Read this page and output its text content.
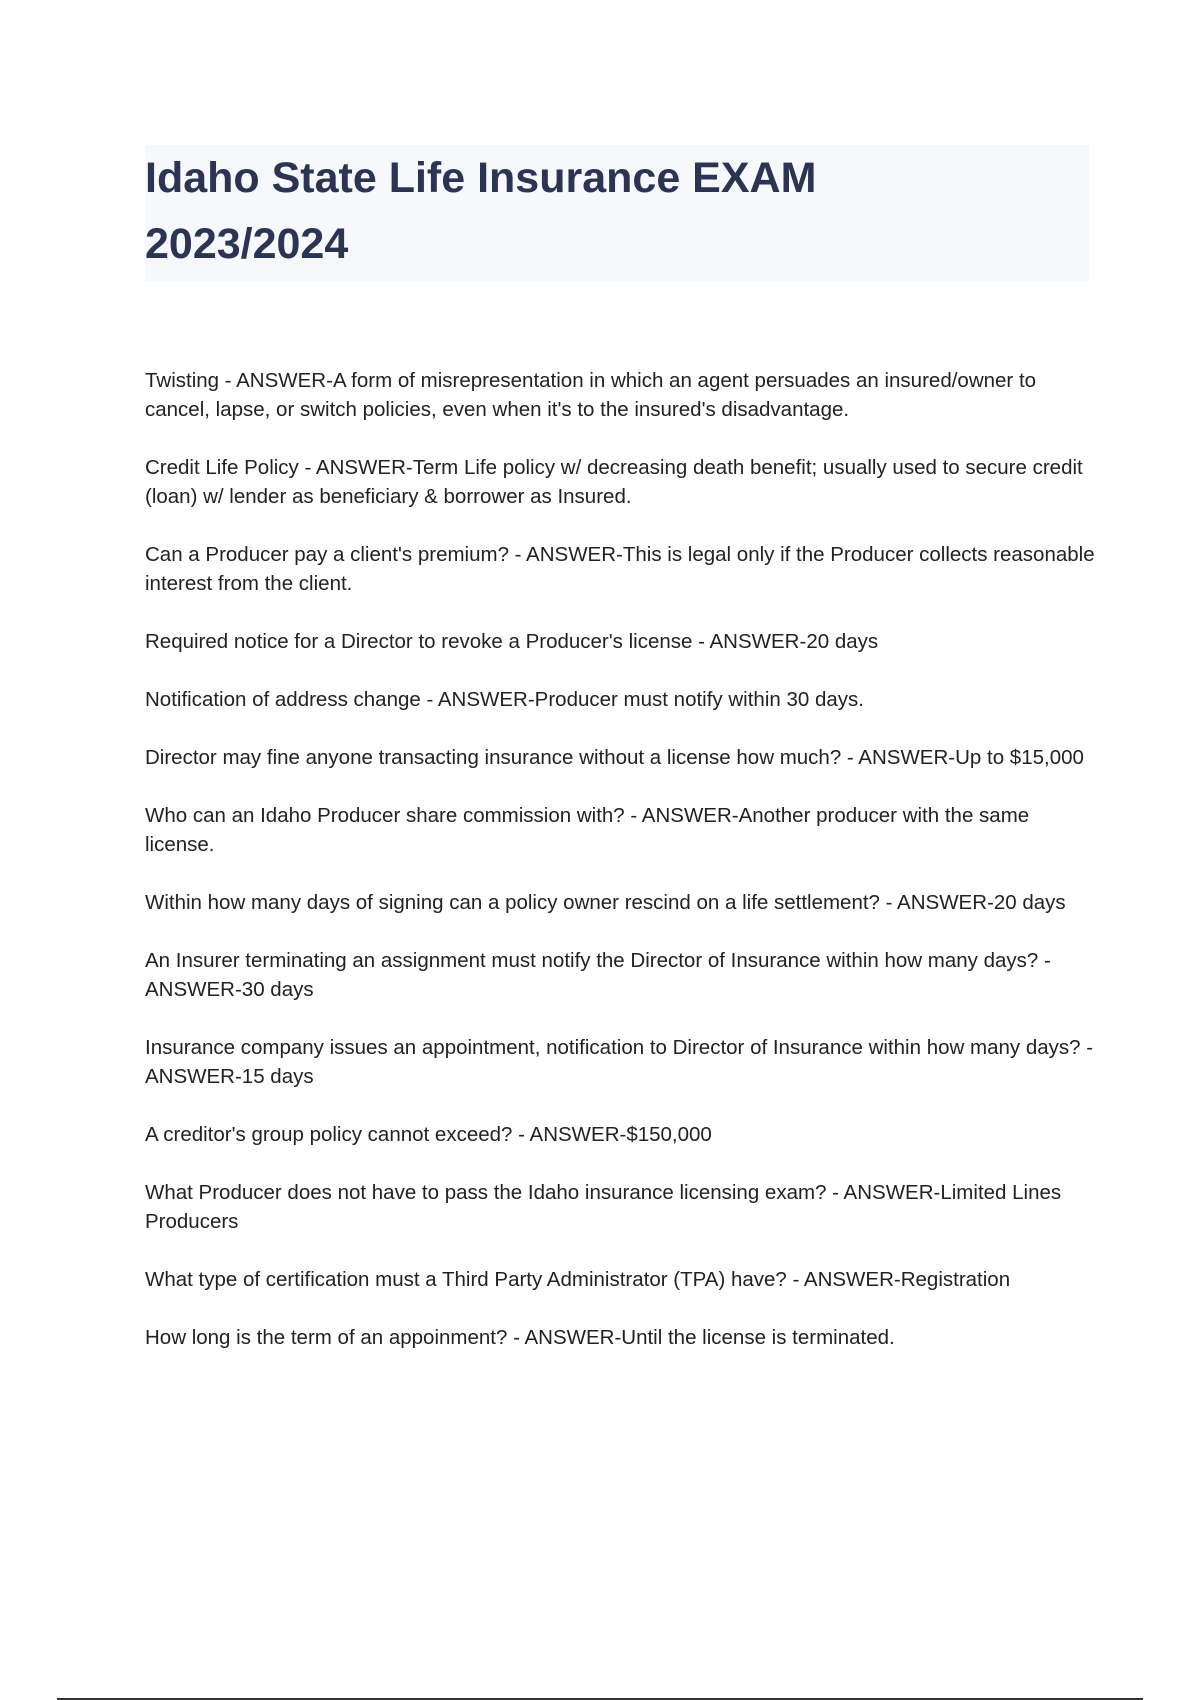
Idaho State Life Insurance EXAM
2023/2024
Twisting - ANSWER-A form of misrepresentation in which an agent persuades an insured/owner to cancel, lapse, or switch policies, even when it's to the insured's disadvantage.
Credit Life Policy - ANSWER-Term Life policy w/ decreasing death benefit; usually used to secure credit (loan) w/ lender as beneficiary & borrower as Insured.
Can a Producer pay a client's premium? - ANSWER-This is legal only if the Producer collects reasonable interest from the client.
Required notice for a Director to revoke a Producer's license - ANSWER-20 days
Notification of address change - ANSWER-Producer must notify within 30 days.
Director may fine anyone transacting insurance without a license how much? - ANSWER-Up to $15,000
Who can an Idaho Producer share commission with? - ANSWER-Another producer with the same license.
Within how many days of signing can a policy owner rescind on a life settlement? - ANSWER-20 days
An Insurer terminating an assignment must notify the Director of Insurance within how many days? - ANSWER-30 days
Insurance company issues an appointment, notification to Director of Insurance within how many days? - ANSWER-15 days
A creditor's group policy cannot exceed? - ANSWER-$150,000
What Producer does not have to pass the Idaho insurance licensing exam? - ANSWER-Limited Lines Producers
What type of certification must a Third Party Administrator (TPA) have? - ANSWER-Registration
How long is the term of an appoinment? - ANSWER-Until the license is terminated.
